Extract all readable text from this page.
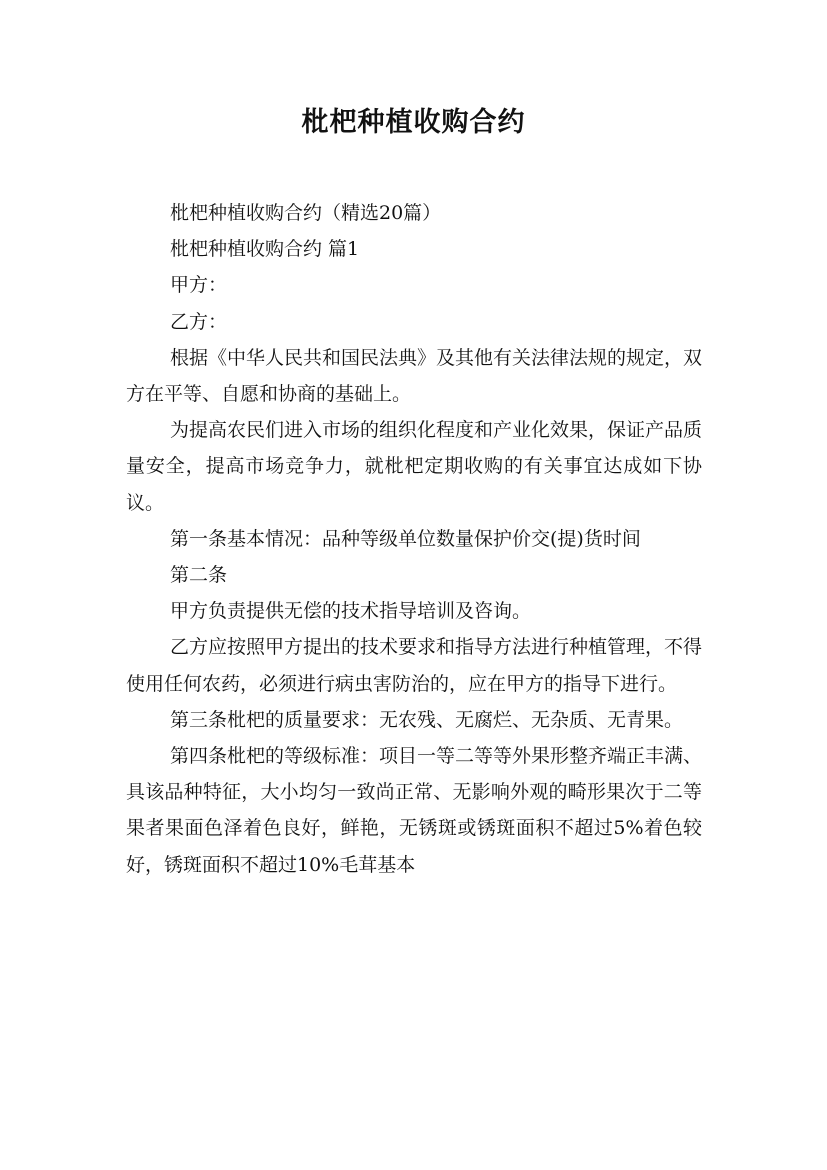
枇杷种植收购合约

枇杷种植收购合约（精选20篇）

枇杷种植收购合约 篇1

甲方：

乙方：

根据《中华人民共和国民法典》及其他有关法律法规的规定，双方在平等、自愿和协商的基础上。

为提高农民们进入市场的组织化程度和产业化效果，保证产品质量安全，提高市场竞争力，就枇杷定期收购的有关事宜达成如下协议。

第一条基本情况：品种等级单位数量保护价交(提)货时间

第二条

甲方负责提供无偿的技术指导培训及咨询。

乙方应按照甲方提出的技术要求和指导方法进行种植管理，不得使用任何农药，必须进行病虫害防治的，应在甲方的指导下进行。

第三条枇杷的质量要求：无农残、无腐烂、无杂质、无青果。

第四条枇杷的等级标准：项目一等二等等外果形整齐端正丰满、具该品种特征，大小均匀一致尚正常、无影响外观的畸形果次于二等果者果面色泽着色良好，鲜艳，无锈斑或锈斑面积不超过5%着色较好，锈斑面积不超过10%毛茸基本
